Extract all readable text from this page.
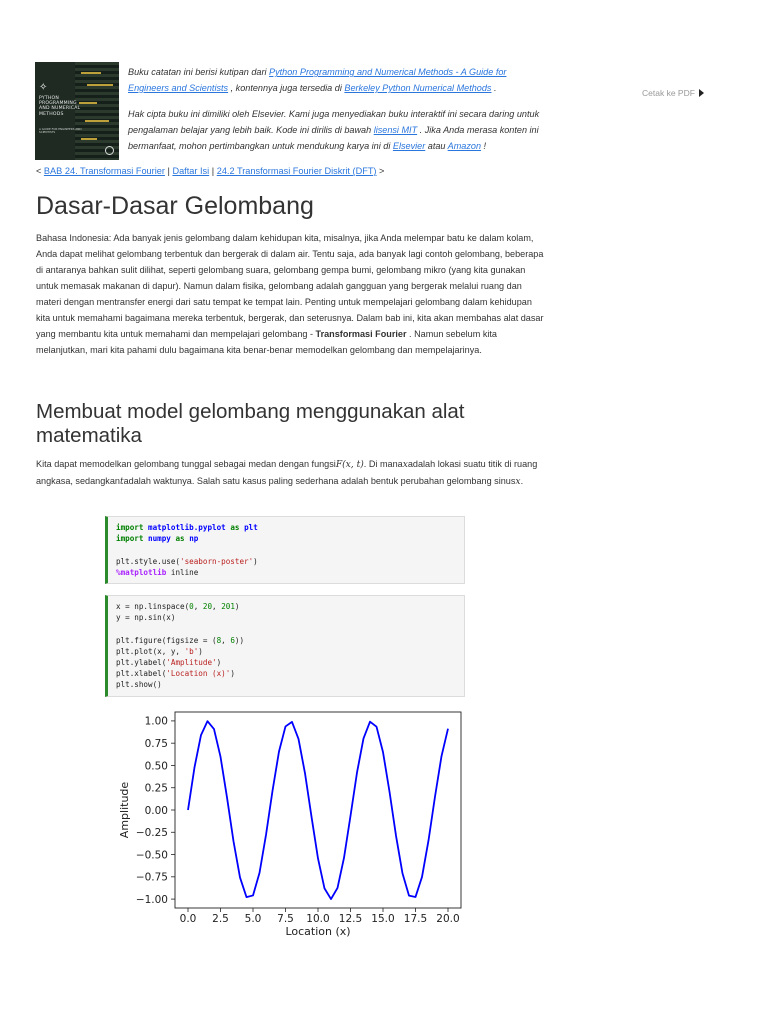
✧
PYTHON PROGRAMMING AND NUMERICAL METHODS
A GUIDE FOR ENGINEERS AND SCIENTISTS

Buku catatan ini berisi kutipan dari Python Programming and Numerical Methods - A Guide for Engineers and Scientists , kontennya juga tersedia di Berkeley Python Numerical Methods .

Hak cipta buku ini dimiliki oleh Elsevier. Kami juga menyediakan buku interaktif ini secara daring untuk pengalaman belajar yang lebih baik. Kode ini dirilis di bawah lisensi MIT . Jika Anda merasa konten ini bermanfaat, mohon pertimbangkan untuk mendukung karya ini di Elsevier atau Amazon !

Cetak ke PDF
< BAB 24. Transformasi Fourier | Daftar Isi | 24.2 Transformasi Fourier Diskrit (DFT) >
Dasar-Dasar Gelombang

Bahasa Indonesia: Ada banyak jenis gelombang dalam kehidupan kita, misalnya, jika Anda melempar batu ke dalam kolam, Anda dapat melihat gelombang terbentuk dan bergerak di dalam air. Tentu saja, ada banyak lagi contoh gelombang, beberapa di antaranya bahkan sulit dilihat, seperti gelombang suara, gelombang gempa bumi, gelombang mikro (yang kita gunakan untuk memasak makanan di dapur). Namun dalam fisika, gelombang adalah gangguan yang bergerak melalui ruang dan materi dengan mentransfer energi dari satu tempat ke tempat lain. Penting untuk mempelajari gelombang dalam kehidupan kita untuk memahami bagaimana mereka terbentuk, bergerak, dan seterusnya. Dalam bab ini, kita akan membahas alat dasar yang membantu kita untuk memahami dan mempelajari gelombang - Transformasi Fourier . Namun sebelum kita melanjutkan, mari kita pahami dulu bagaimana kita benar-benar memodelkan gelombang dan mempelajarinya.

Membuat model gelombang menggunakan alat matematika

Kita dapat memodelkan gelombang tunggal sebagai medan dengan fungsiF(x, t). Di manaxadalah lokasi suatu titik di ruang angkasa, sedangkantadalah waktunya. Salah satu kasus paling sederhana adalah bentuk perubahan gelombang sinusx.

import matplotlib.pyplot as plt
import numpy as np

plt.style.use('seaborn-poster')
%matplotlib inline
x = np.linspace(0, 20, 201)
y = np.sin(x)

plt.figure(figsize = (8, 6))
plt.plot(x, y, 'b')
plt.ylabel('Amplitude')
plt.xlabel('Location (x)')
plt.show()
0.0 2.5 5.0 7.5 10.0 12.5 15.0 17.5 20.0
1.00
0.75
0.50
0.25
0.00
−0.25
−0.50
−0.75
−1.00
Location (x)
Amplitude
